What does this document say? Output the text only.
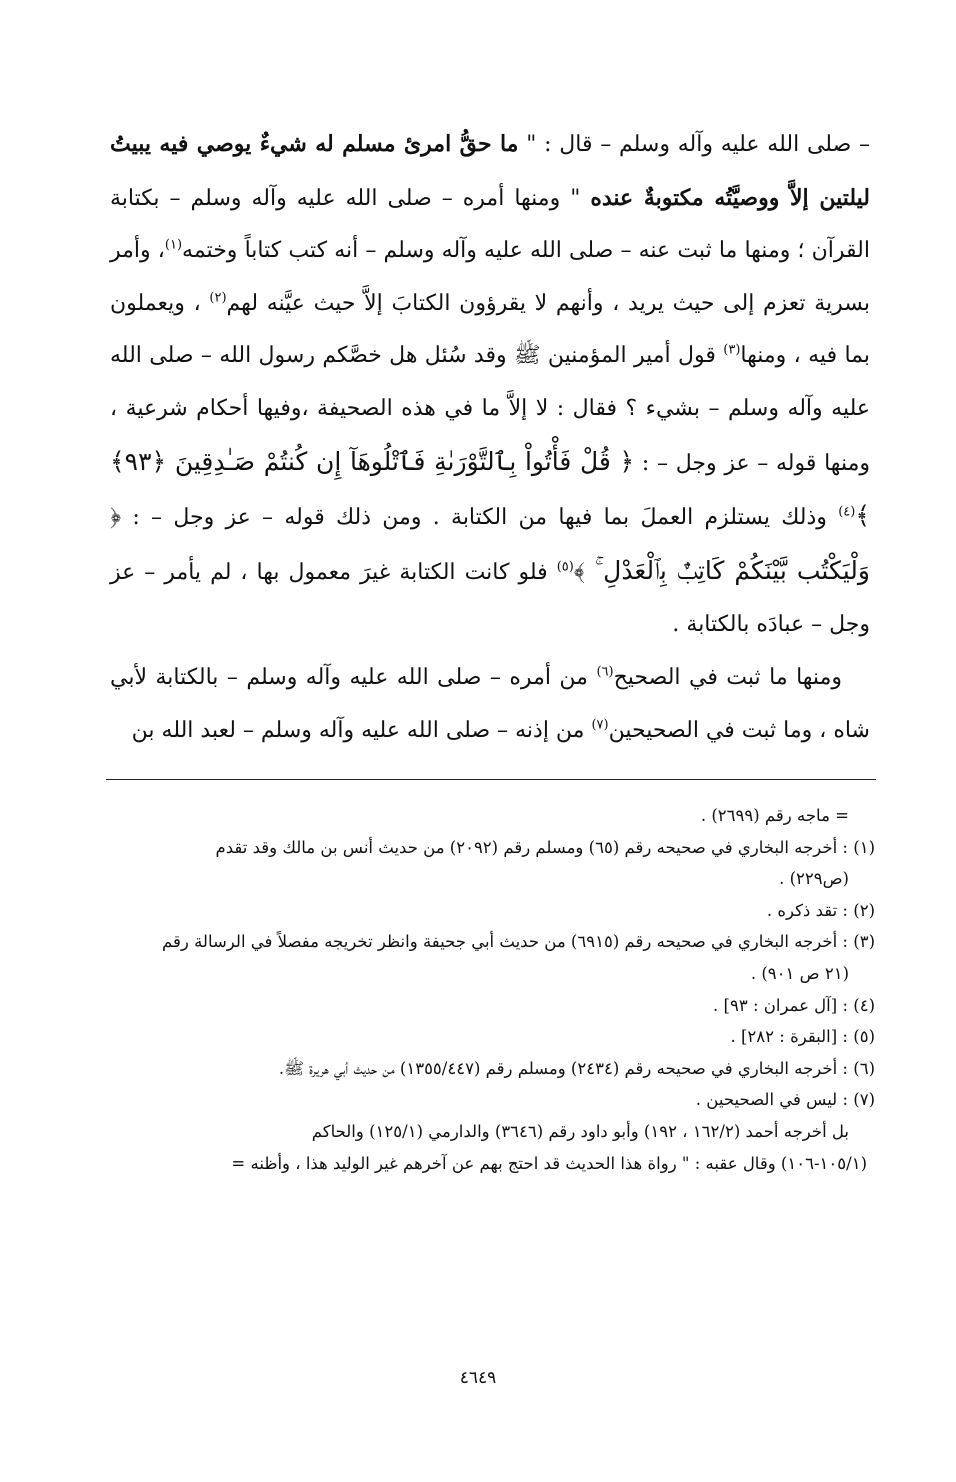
– صلى الله عليه وآله وسلم – قال : " ما حقُّ امرئ مسلم له شيءٌ يوصي فيه يبيتُ ليلتين إلاَّ ووصيَّتُه مكتوبةٌ عنده " ومنها أمره – صلى الله عليه وآله وسلم – بكتابة القرآن ؛ ومنها ما ثبت عنه – صلى الله عليه وآله وسلم – أنه كتب كتاباً وختمه$^{(١)}$، وأمر بسرية تعزم إلى حيث يريد ، وأنهم لا يقرؤون الكتابَ إلاَّ حيث عيَّنه لهم$^{(٢)}$ ، ويعملون بما فيه ، ومنها$^{(٣)}$ قول أمير المؤمنين ﷺ وقد سُئل هل خصَّكم رسول الله – صلى الله عليه وآله وسلم – بشيء ؟ فقال : لا إلاَّ ما في هذه الصحيفة ،وفيها أحكام شرعية ، ومنها قوله – عز وجل – : ﴿ قُلْ فَأْتُواْ بِٱلتَّوْرَىٰةِ فَٱتْلُوهَآ إِن كُنتُمْ صَـٰدِقِينَ ﴿٩٣﴾ ﴾$^{(٤)}$ وذلك يستلزم العملَ بما فيها من الكتابة . ومن ذلك قوله – عز وجل – : ﴿ وَلْيَكْتُب بَّيْنَكُمْ كَاتِبٌۢ بِٱلْعَدْلِ ۚ ﴾$^{(٥)}$ فلو كانت الكتابة غيرَ معمول بها ، لم يأمر – عز وجل – عبادَه بالكتابة .

ومنها ما ثبت في الصحيح$^{(٦)}$ من أمره – صلى الله عليه وآله وسلم – بالكتابة لأبي شاه ، وما ثبت في الصحيحين$^{(٧)}$ من إذنه – صلى الله عليه وآله وسلم – لعبد الله بن

= ماجه رقم (٢٦٩٩) .

(١) : أخرجه البخاري في صحيحه رقم (٦٥) ومسلم رقم (٢٠٩٢) من حديث أنس بن مالك وقد تقدم

(ص٢٢٩) .

(٢) : تقد ذكره .

(٣) : أخرجه البخاري في صحيحه رقم (٦٩١٥) من حديث أبي جحيفة وانظر تخريجه مفصلاً في الرسالة رقم

(٢١ ص ٩٠١) .

(٤) : [آل عمران : ٩٣] .

(٥) : [البقرة : ٢٨٢] .

(٦) : أخرجه البخاري في صحيحه رقم (٢٤٣٤) ومسلم رقم (١٣٥٥/٤٤٧) من حديث أبي هريرة ﷺ.

(٧) : ليس في الصحيحين .

بل أخرجه أحمد (١٦٢/٢ ، ١٩٢) وأبو داود رقم (٣٦٤٦) والدارمي (١٢٥/١) والحاكم

(١٠٥/١-١٠٦) وقال عقبه : " رواة هذا الحديث قد احتج بهم عن آخرهم غير الوليد هذا ، وأظنه =

٤٦٤٩
